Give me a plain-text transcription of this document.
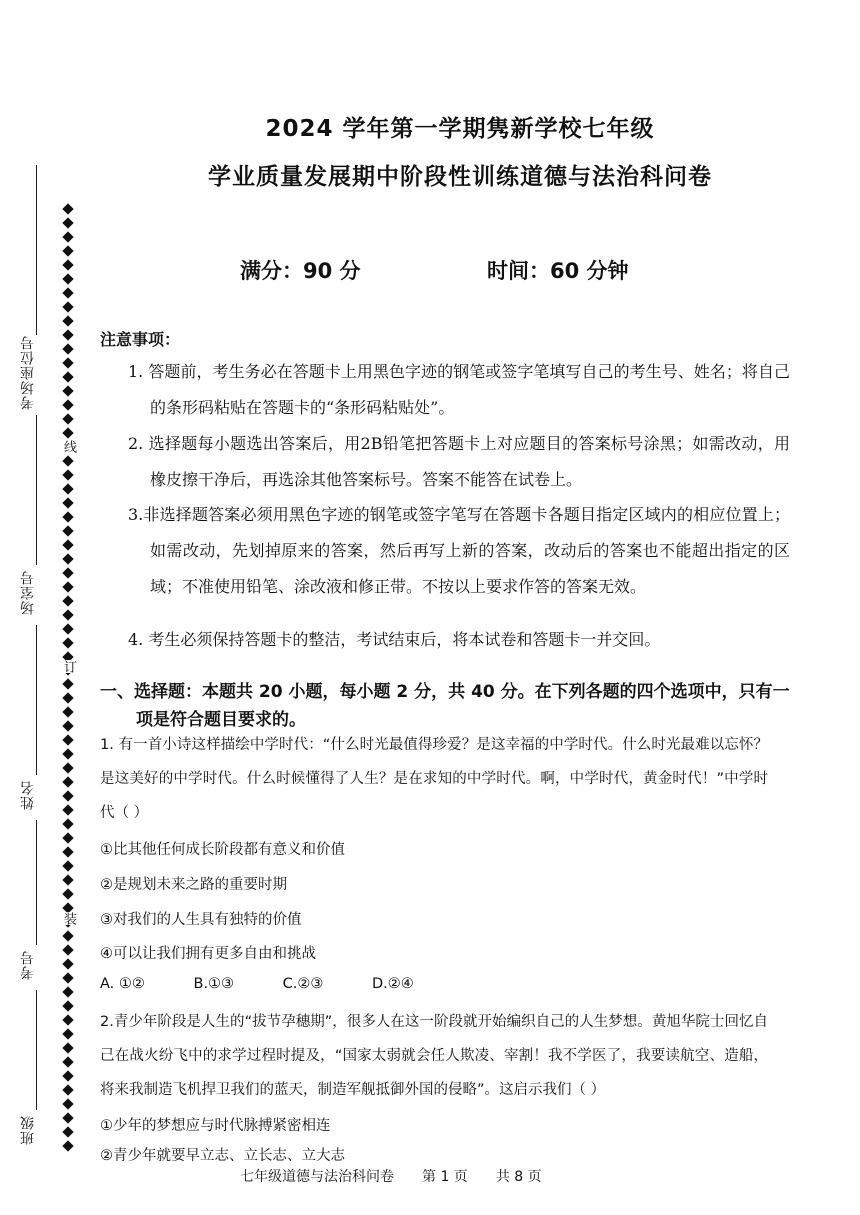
考场座位号
场室号
姓名
考号
班级
线
订
装
2024 学年第一学期隽新学校七年级
学业质量发展期中阶段性训练道德与法治科问卷
满分：90 分	时间：60 分钟
注意事项：
1. 答题前，考生务必在答题卡上用黑色字迹的钢笔或签字笔填写自己的考生号、姓名；将自己的条形码粘贴在答题卡的“条形码粘贴处”。
2. 选择题每小题选出答案后，用2B铅笔把答题卡上对应题目的答案标号涂黑；如需改动，用橡皮擦干净后，再选涂其他答案标号。答案不能答在试卷上。
3.非选择题答案必须用黑色字迹的钢笔或签字笔写在答题卡各题目指定区域内的相应位置上；如需改动，先划掉原来的答案，然后再写上新的答案，改动后的答案也不能超出指定的区域；不准使用铅笔、涂改液和修正带。不按以上要求作答的答案无效。
4. 考生必须保持答题卡的整洁，考试结束后，将本试卷和答题卡一并交回。
一、选择题：本题共 20 小题，每小题 2 分，共 40 分。在下列各题的四个选项中，只有一项是符合题目要求的。
1. 有一首小诗这样描绘中学时代：“什么时光最值得珍爱？是这幸福的中学时代。什么时光最难以忘怀？是这美好的中学时代。什么时候懂得了人生？是在求知的中学时代。啊，中学时代，黄金时代！”中学时代（ ）
①比其他任何成长阶段都有意义和价值
②是规划未来之路的重要时期
③对我们的人生具有独特的价值
④可以让我们拥有更多自由和挑战
A. ①②	B.①③	C.②③	D.②④
2.青少年阶段是人生的“拔节孕穗期”，很多人在这一阶段就开始编织自己的人生梦想。黄旭华院士回忆自己在战火纷飞中的求学过程时提及，“国家太弱就会任人欺凌、宰割！我不学医了，我要读航空、造船，将来我制造飞机捍卫我们的蓝天，制造军舰抵御外国的侵略”。这启示我们（ ）
①少年的梦想应与时代脉搏紧密相连
②青少年就要早立志、立长志、立大志
七年级道德与法治科问卷 第 1 页 共 8 页
